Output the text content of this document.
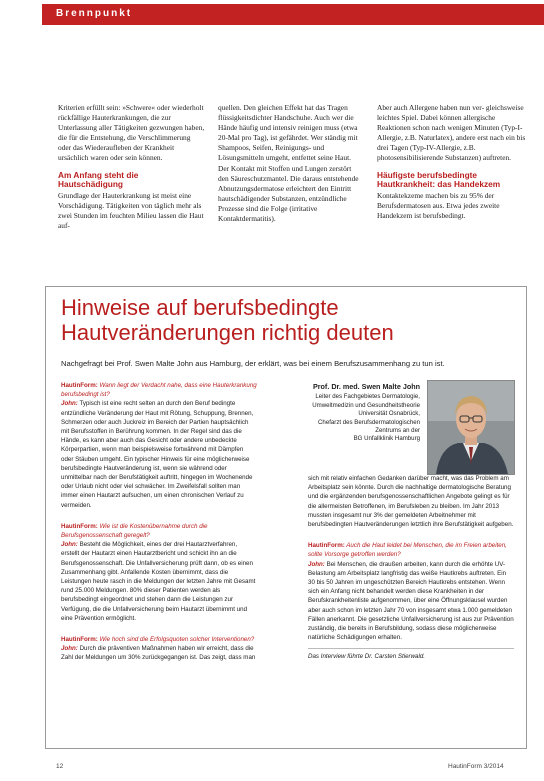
Brennpunkt

Kriterien erfüllt sein: »Schwere« oder wiederholt rückfällige Hauterkrankungen, die zur Unterlassung aller Tätigkeiten gezwungen haben, die für die Entstehung, die Verschlimmerung oder das Wiederaufleben der Krankheit ursächlich waren oder sein können.

Am Anfang steht die Hautschädigung

Grundlage der Hauterkrankung ist meist eine Vorschädigung. Tätigkeiten von täglich mehr als zwei Stunden im feuchten Milieu lassen die Haut auf-

quellen. Den gleichen Effekt hat das Tragen flüssigkeitsdichter Handschuhe. Auch wer die Hände häufig und intensiv reinigen muss (etwa 20-Mal pro Tag), ist gefährdet. Wer ständig mit Shampoos, Seifen, Reinigungs- und Lösungsmitteln umgeht, entfettet seine Haut. Der Kontakt mit Stoffen und Lungen zerstört den Säureschutzmantel. Die daraus entstehende Abnutzungsdermatose erleichtert den Eintritt hautschädigender Substanzen, entzündliche Prozesse sind die Folge (irritative Kontaktdermatitis).

Aber auch Allergene haben nun ver- gleichsweise leichtes Spiel. Dabei können allergische Reaktionen schon nach wenigen Minuten (Typ-I-Allergie, z.B. Naturlatex), andere erst nach ein bis drei Tagen (Typ-IV-Allergie, z.B. photosensibilisierende Substanzen) auftreten.

Häufigste berufsbedingte Hautkrankheit: das Handekzem

Kontaktekzeme machen bis zu 95% der Berufsdermatosen aus. Etwa jedes zweite Handekzem ist berufsbedingt.

Hinweise auf berufsbedingte
Hautveränderungen richtig deuten
Nachgefragt bei Prof. Swen Malte John aus Hamburg, der erklärt, was bei einem Berufszusammenhang zu tun ist.

HautinForm: Wann liegt der Verdacht nahe, dass eine Hauterkrankung berufsbedingt ist?

John: Typisch ist eine recht selten an durch den Beruf bedingte entzündliche Veränderung der Haut mit Rötung, Schuppung, Brennen, Schmerzen oder auch Juckreiz im Bereich der Partien hauptsächlich mit Berufsstoffen in Berührung kommen. In der Regel sind das die Hände, es kann aber auch das Gesicht oder andere unbedeckte Körperpartien, wenn man beispielsweise fortwährend mit Dämpfen oder Stäuben umgeht. Ein typischer Hinweis für eine möglicherweise berufsbedingte Hautveränderung ist, wenn sie während oder unmittelbar nach der Berufstätigkeit auftritt, hingegen im Wochenende oder Urlaub nicht oder viel schwächer. Im Zweifelsfall sollten man immer einen Hautarzt aufsuchen, um einen chronischen Verlauf zu vermeiden.

HautinForm: Wie ist die Kostenübernahme durch die Berufsgenossenschaft geregelt?

John: Besteht die Möglichkeit, eines der drei Hautarztverfahren, erstellt der Hautarzt einen Hautarztbericht und schickt ihn an die Berufsgenossenschaft. Die Unfallversicherung prüft dann, ob es einen Zusammenhang gibt. Anfallende Kosten übernimmt, dass die Leistungen heute rasch in die Meldungen der letzten Jahre mit Gesamt rund 25.000 Meldungen. 80% dieser Patienten werden als berufsbedingt eingeordnet und stehen dann die Leistungen zur Verfügung, die die Unfallversicherung beim Hautarzt übernimmt und eine Prävention ermöglicht.

HautinForm: Wie hoch sind die Erfolgsquoten solcher Interventionen?

John: Durch die präventiven Maßnahmen haben wir erreicht, dass die Zahl der Meldungen um 30% zurückgegangen ist. Das zeigt, dass man

Prof. Dr. med. Swen Malte John
Leiter des Fachgebietes Dermatologie,
Umweltmedizin und Gesundheitstheorie
Universität Osnabrück,
Chefarzt des Berufsdermatologischen
Zentrums an der
BG Unfallklinik Hamburg

sich mit relativ einfachen Gedanken darüber macht, was das Problem am Arbeitsplatz sein könnte. Durch die nachhaltige dermatologische Beratung und die ergänzenden berufsgenossenschaftlichen Angebote gelingt es für die allermeisten Betroffenen, im Berufsleben zu bleiben. Im Jahr 2013 mussten insgesamt nur 3% der gemeldeten Arbeitnehmer mit berufsbedingten Hautveränderungen letztlich ihre Berufstätigkeit aufgeben.

HautinForm: Auch die Haut leidet bei Menschen, die im Freien arbeiten, sollte Vorsorge getroffen werden?

John: Bei Menschen, die draußen arbeiten, kann durch die erhöhte UV-Belastung am Arbeitsplatz langfristig das weiße Hautkrebs auftreten. Ein 30 bis 50 Jahren im ungeschützten Bereich Hautkrebs entstehen. Wenn sich ein Anfang nicht behandelt werden diese Krankheiten in der Berufskrankheitenliste aufgenommen, über eine Öffnungsklausel wurden aber auch schon im letzten Jahr 70 von insgesamt etwa 1.000 gemeldeten Fällen anerkannt. Die gesetzliche Unfallversicherung ist aus zur Prävention zuständig, die bereits in Berufsbildung, sodass diese möglicherweise natürliche Schädigungen erhalten.

Das Interview führte Dr. Carsten Stierwald.
12	HautinForm 3/2014
